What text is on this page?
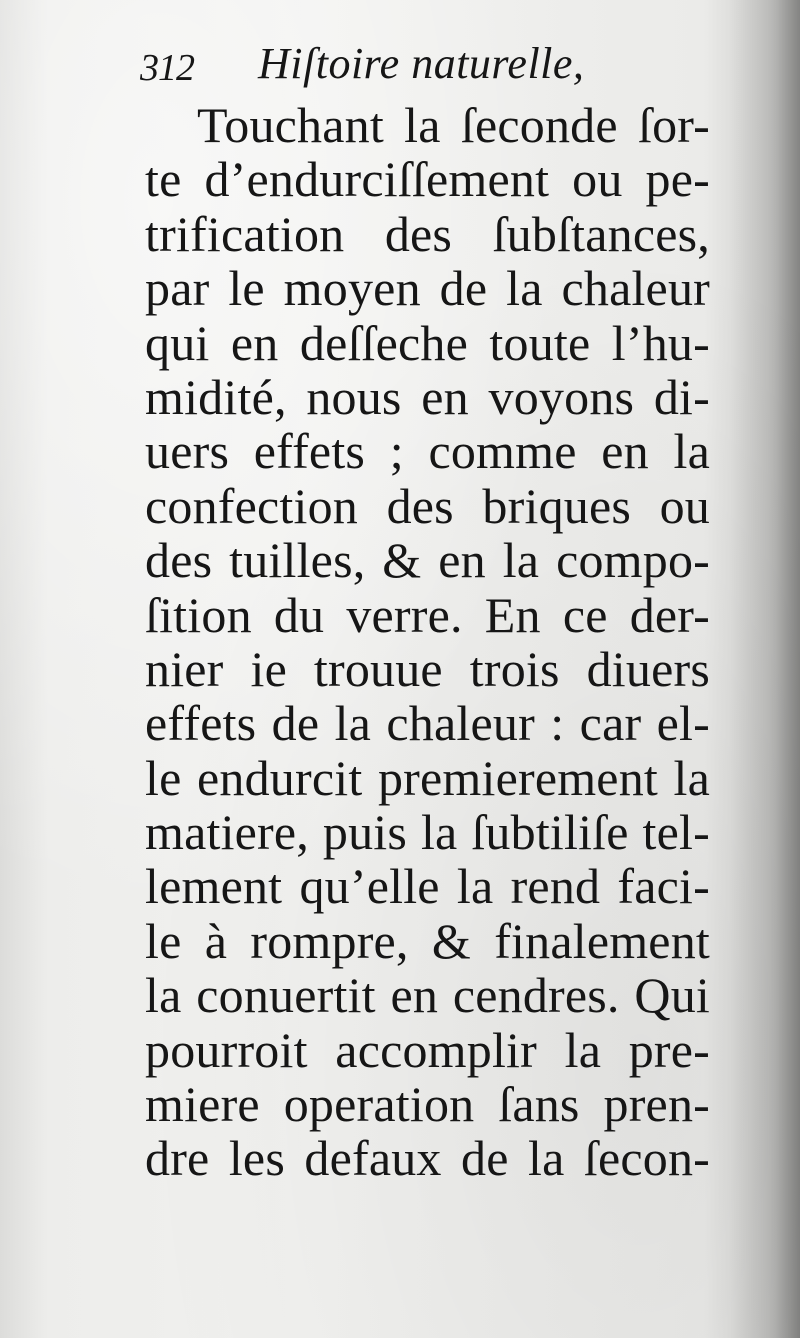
312 Hiſtoire naturelle,
Touchant la ſeconde ſor-
te d’endurciſſement ou pe-
trification des ſubſtances,
par le moyen de la chaleur
qui en deſſeche toute l’hu-
midité, nous en voyons di-
uers effets ; comme en la
confection des briques ou
des tuilles, & en la compo-
ſition du verre. En ce der-
nier ie trouue trois diuers
effets de la chaleur : car el-
le endurcit premierement la
matiere, puis la ſubtiliſe tel-
lement qu’elle la rend faci-
le à rompre, & finalement
la conuertit en cendres. Qui
pourroit accomplir la pre-
miere operation ſans pren-
dre les defaux de la ſecon-
